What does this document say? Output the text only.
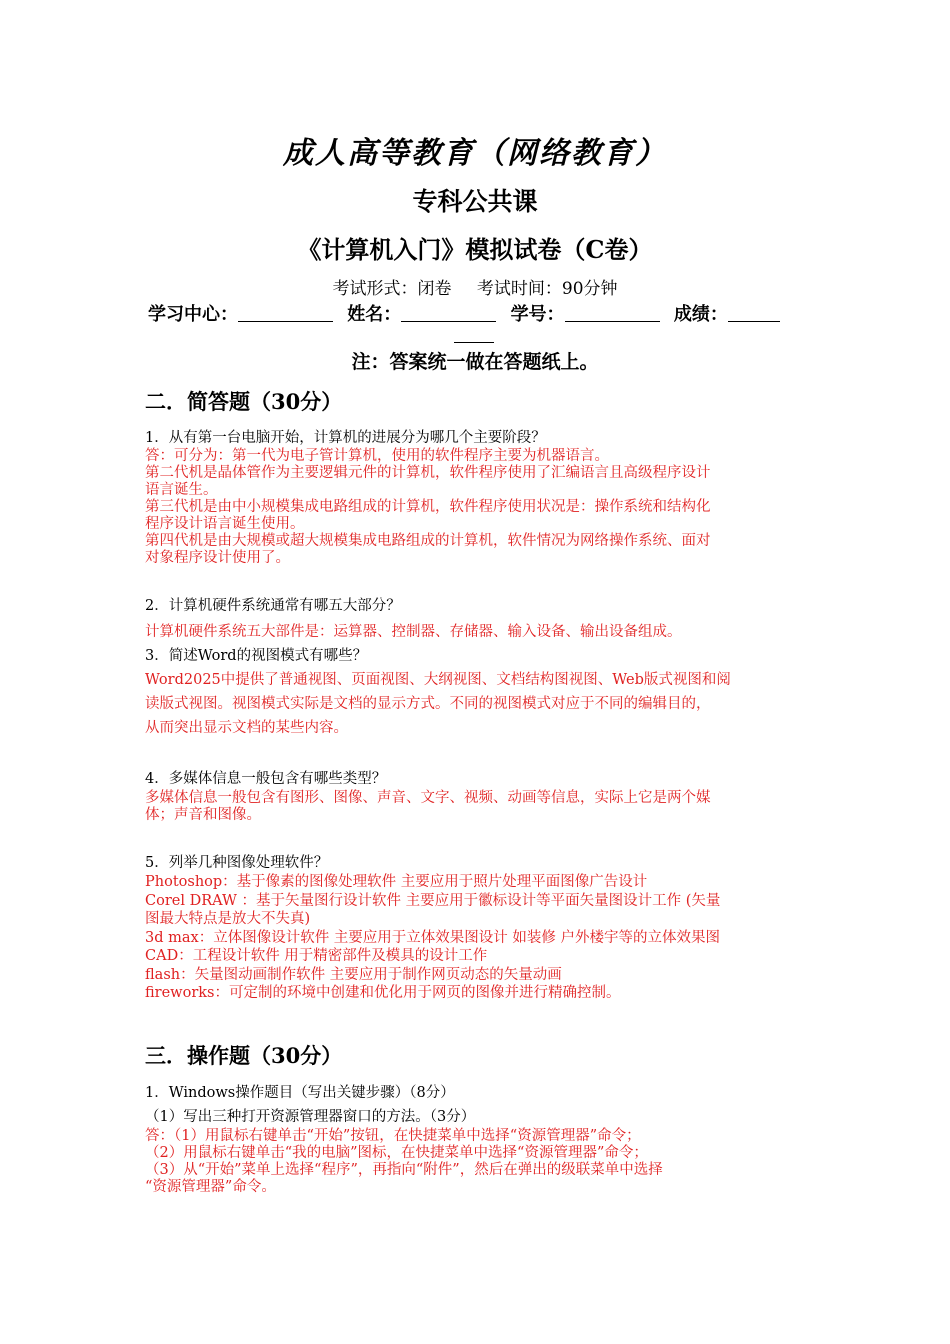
成人高等教育（网络教育）
专科公共课
《计算机入门》模拟试卷（C卷）
考试形式：闭卷 考试时间：90分钟
学习中心：	姓名：	学号：	成绩：
注：答案统一做在答题纸上。
二．简答题（30分）
1．从有第一台电脑开始，计算机的进展分为哪几个主要阶段？
答：可分为：第一代为电子管计算机，使用的软件程序主要为机器语言。
第二代机是晶体管作为主要逻辑元件的计算机，软件程序使用了汇编语言且高级程序设计
语言诞生。
第三代机是由中小规模集成电路组成的计算机，软件程序使用状况是：操作系统和结构化
程序设计语言诞生使用。
第四代机是由大规模或超大规模集成电路组成的计算机，软件情况为网络操作系统、面对
对象程序设计使用了。
2．计算机硬件系统通常有哪五大部分？
计算机硬件系统五大部件是：运算器、控制器、存储器、输入设备、输出设备组成。
3．简述Word的视图模式有哪些？
Word2025中提供了普通视图、页面视图、大纲视图、文档结构图视图、Web版式视图和阅
读版式视图。视图模式实际是文档的显示方式。不同的视图模式对应于不同的编辑目的，
从而突出显示文档的某些内容。
4．多媒体信息一般包含有哪些类型？
多媒体信息一般包含有图形、图像、声音、文字、视频、动画等信息，实际上它是两个媒
体；声音和图像。
5．列举几种图像处理软件？
Photoshop：基于像素的图像处理软件 主要应用于照片处理平面图像广告设计
Corel DRAW ：基于矢量图行设计软件 主要应用于徽标设计等平面矢量图设计工作 (矢量
图最大特点是放大不失真)
3d max：立体图像设计软件 主要应用于立体效果图设计 如装修 户外楼宇等的立体效果图
CAD：工程设计软件 用于精密部件及模具的设计工作
flash：矢量图动画制作软件 主要应用于制作网页动态的矢量动画
fireworks：可定制的环境中创建和优化用于网页的图像并进行精确控制。
三．操作题（30分）
1．Windows操作题目（写出关键步骤）（8分）
（1）写出三种打开资源管理器窗口的方法。（3分）
答：（1）用鼠标右键单击“开始”按钮，在快捷菜单中选择“资源管理器”命令；
（2）用鼠标右键单击“我的电脑”图标，在快捷菜单中选择“资源管理器”命令；
（3）从“开始”菜单上选择“程序”，再指向“附件”，然后在弹出的级联菜单中选择
“资源管理器”命令。
